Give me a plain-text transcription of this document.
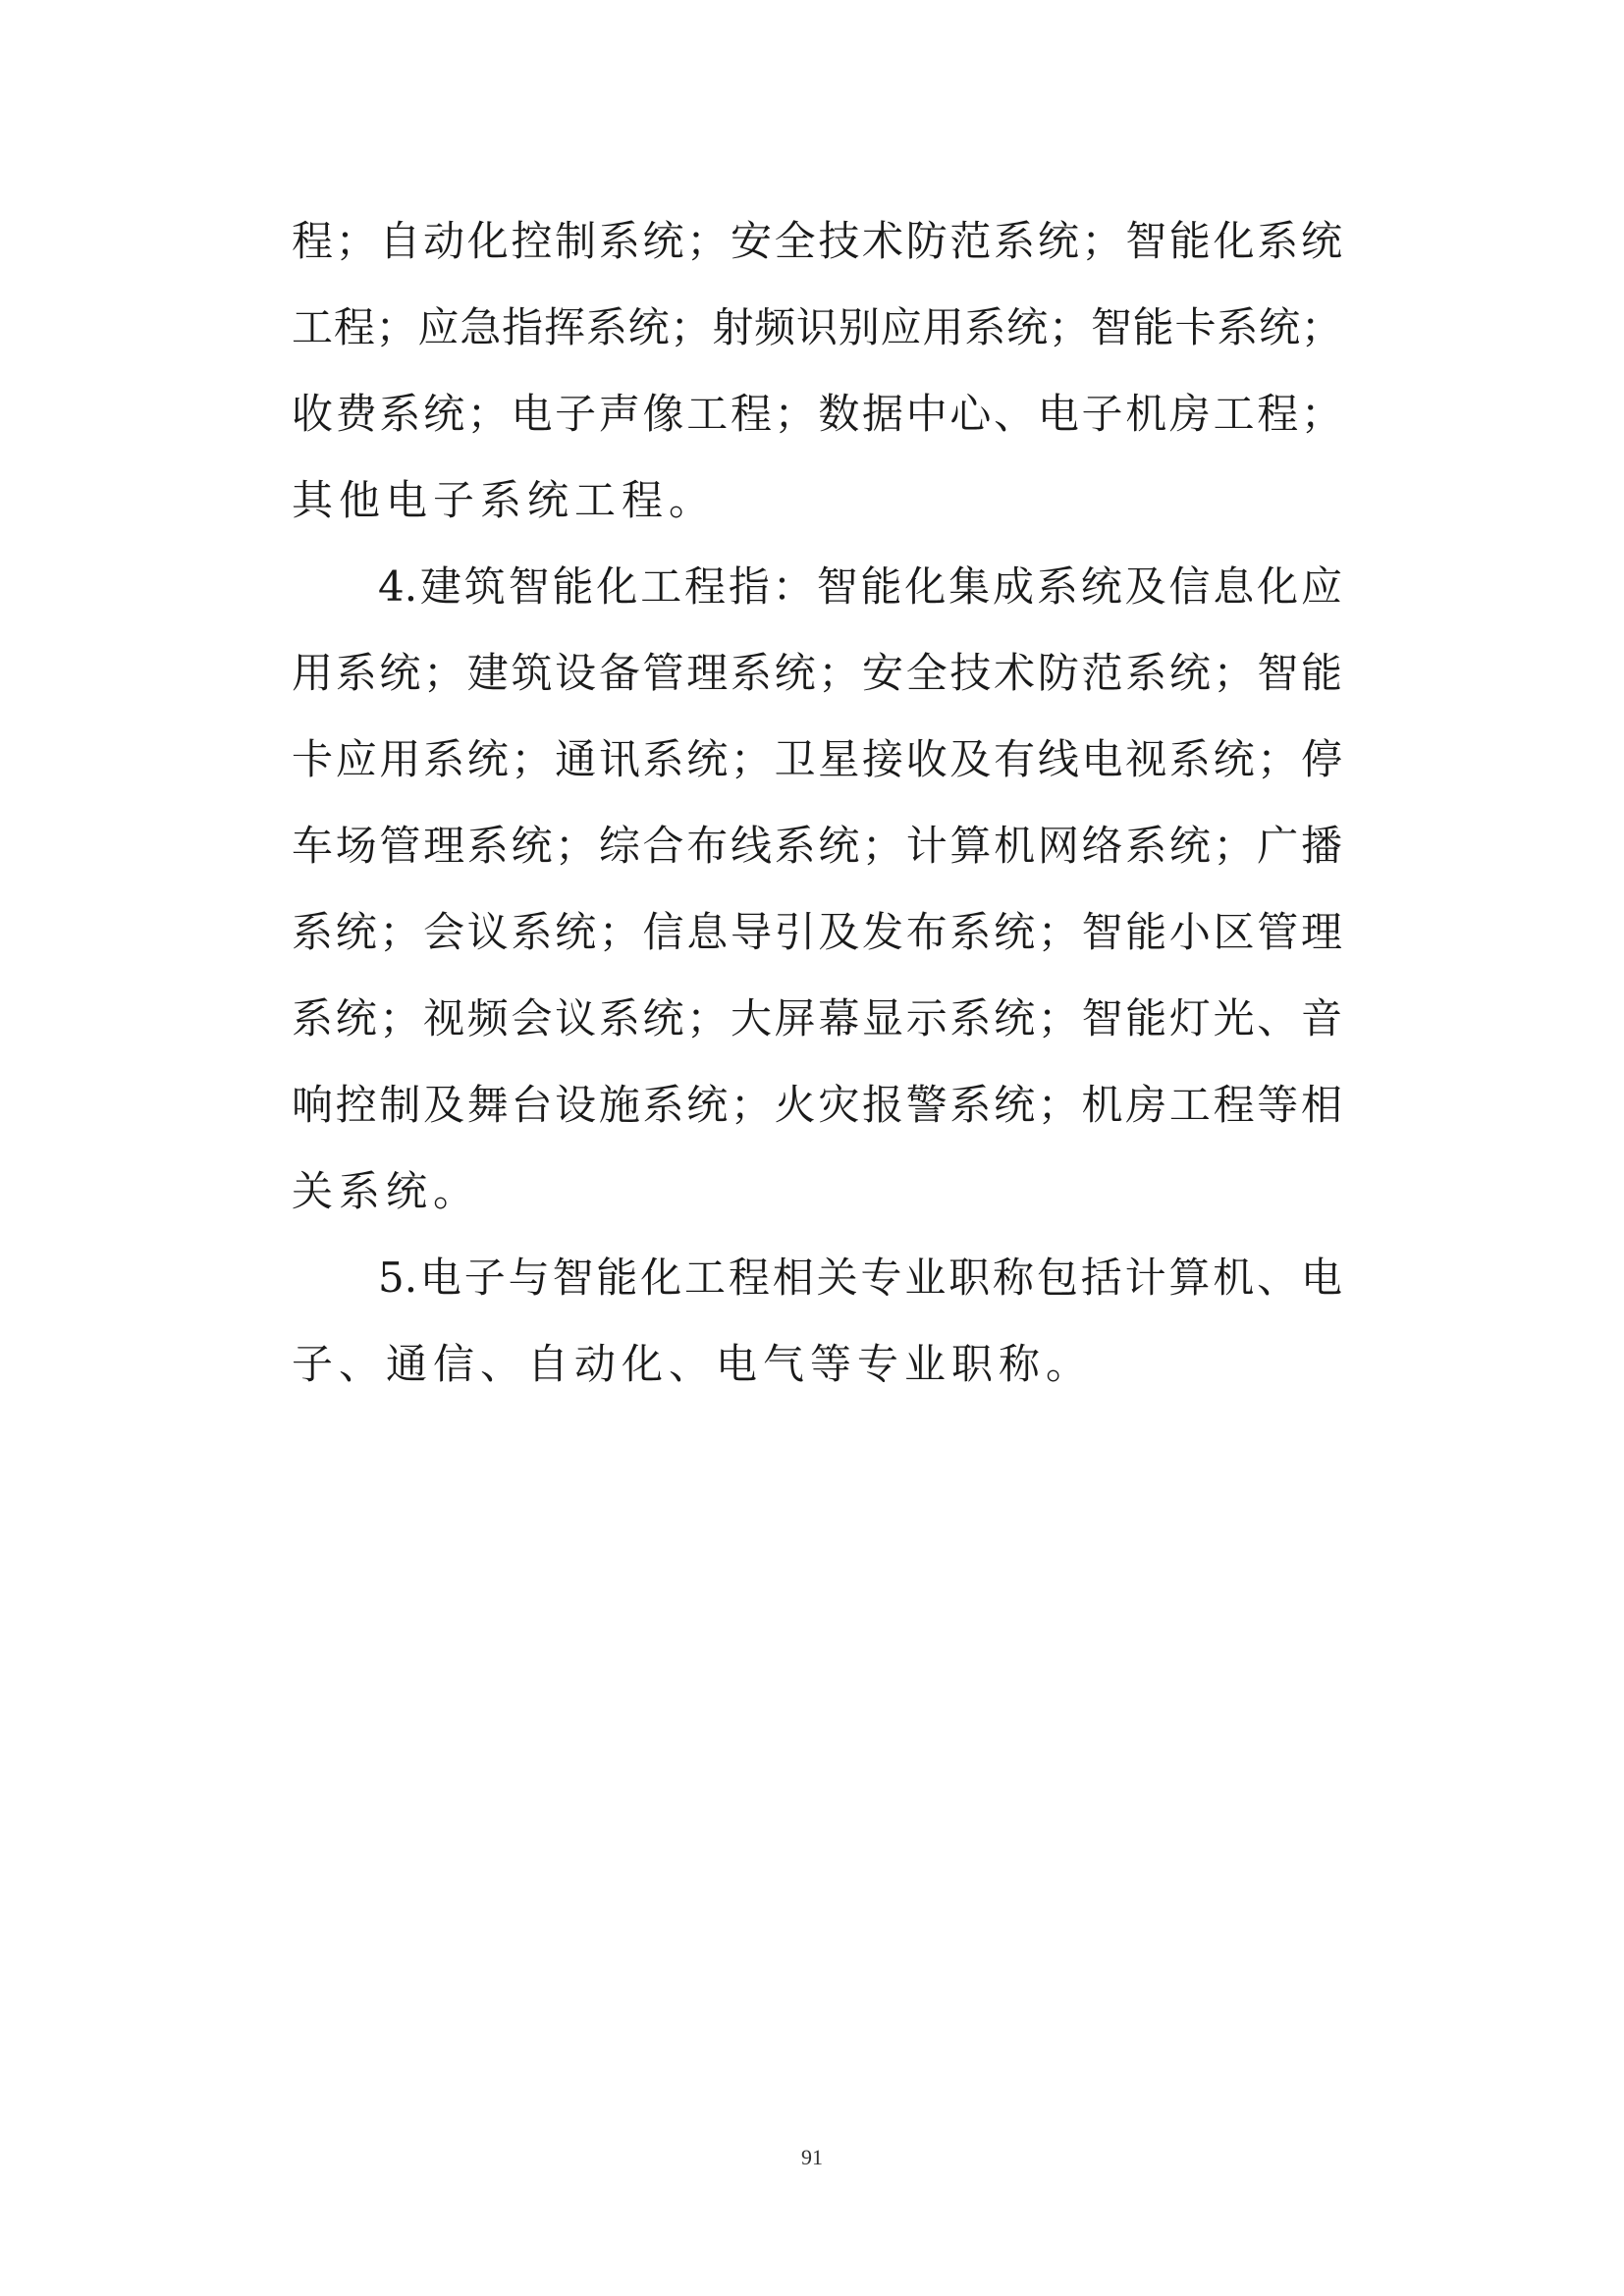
程；自动化控制系统；安全技术防范系统；智能化系统
工程；应急指挥系统；射频识别应用系统；智能卡系统；
收费系统；电子声像工程；数据中心、电子机房工程；
其他电子系统工程。
4.建筑智能化工程指：智能化集成系统及信息化应
用系统；建筑设备管理系统；安全技术防范系统；智能
卡应用系统；通讯系统；卫星接收及有线电视系统；停
车场管理系统；综合布线系统；计算机网络系统；广播
系统；会议系统；信息导引及发布系统；智能小区管理
系统；视频会议系统；大屏幕显示系统；智能灯光、音
响控制及舞台设施系统；火灾报警系统；机房工程等相
关系统。
5.电子与智能化工程相关专业职称包括计算机、电
子、通信、自动化、电气等专业职称。
91
